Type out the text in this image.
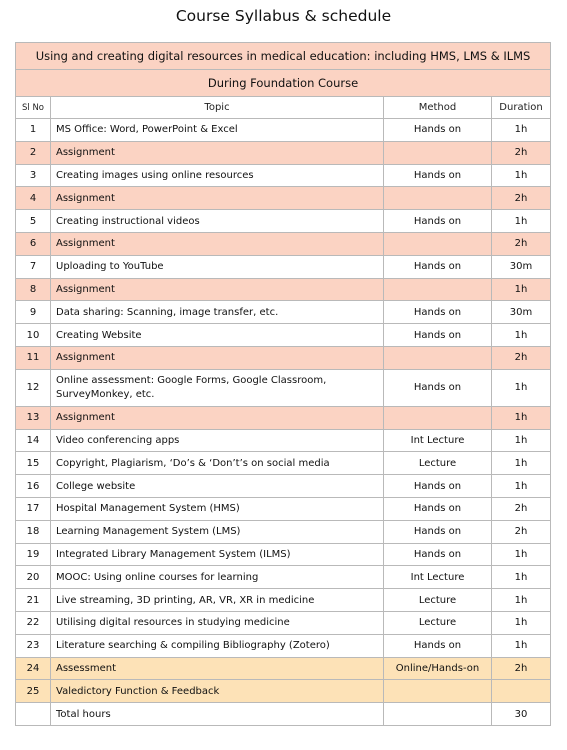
Course Syllabus & schedule
Using and creating digital resources in medical education: including HMS, LMS & ILMS			
During Foundation Course			
Sl No	Topic	Method	Duration
1	MS Office: Word, PowerPoint & Excel	Hands on	1h
2	Assignment		2h
3	Creating images using online resources	Hands on	1h
4	Assignment		2h
5	Creating instructional videos	Hands on	1h
6	Assignment		2h
7	Uploading to YouTube	Hands on	30m
8	Assignment		1h
9	Data sharing: Scanning, image transfer, etc.	Hands on	30m
10	Creating Website	Hands on	1h
11	Assignment		2h
12	Online assessment: Google Forms, Google Classroom, SurveyMonkey, etc.	Hands on	1h
13	Assignment		1h
14	Video conferencing apps	Int Lecture	1h
15	Copyright, Plagiarism, ‘Do’s & ‘Don’t’s on social media	Lecture	1h
16	College website	Hands on	1h
17	Hospital Management System (HMS)	Hands on	2h
18	Learning Management System (LMS)	Hands on	2h
19	Integrated Library Management System (ILMS)	Hands on	1h
20	MOOC: Using online courses for learning	Int Lecture	1h
21	Live streaming, 3D printing, AR, VR, XR in medicine	Lecture	1h
22	Utilising digital resources in studying medicine	Lecture	1h
23	Literature searching & compiling Bibliography (Zotero)	Hands on	1h
24	Assessment	Online/Hands-on	2h
25	Valedictory Function & Feedback		
	Total hours		30
